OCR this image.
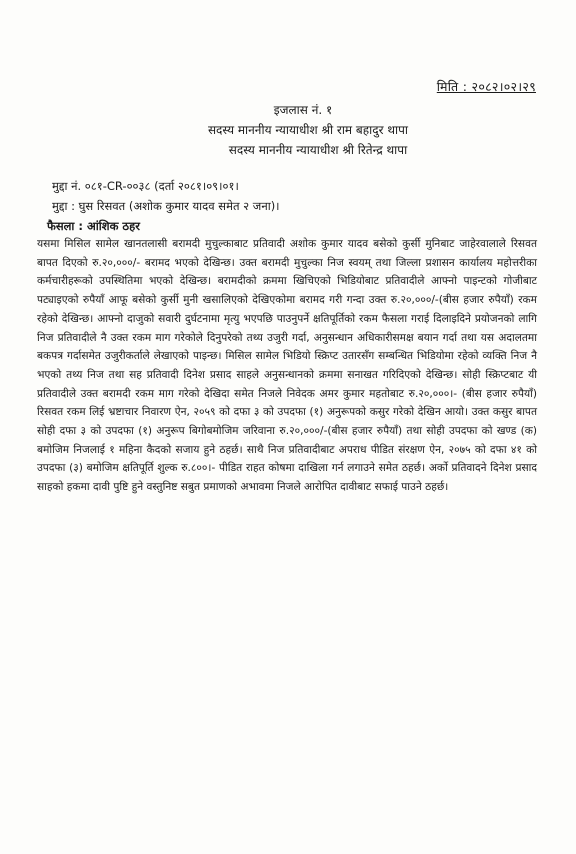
मिति : २०८२।०२।२९
इजलास नं. १
सदस्य माननीय न्यायाधीश श्री राम बहादुर थापा
सदस्य माननीय न्यायाधीश श्री रितेन्द्र थापा
मुद्दा नं. ०८१-CR-००३८ (दर्ता २०८१।०९।०१।
मुद्दा : घुस रिसवत (अशोक कुमार यादव समेत २ जना)।
फैसला : आंशिक ठहर

यसमा मिसिल सामेल खानतलासी बरामदी मुचुल्काबाट प्रतिवादी अशोक कुमार यादव बसेको कुर्सी मुनिबाट जाहेरवालाले रिसवत बापत दिएको रु.२०,०००/- बरामद भएको देखिन्छ। उक्त बरामदी मुचुल्का निज स्वयम् तथा जिल्ला प्रशासन कार्यालय महोत्तरीका कर्मचारीहरूको उपस्थितिमा भएको देखिन्छ। बरामदीको क्रममा खिचिएको भिडियोबाट प्रतिवादीले आफ्नो पाइन्टको गोजीबाट पट्याइएको रुपैयाँ आफू बसेको कुर्सी मुनी खसालिएको देखिएकोमा बरामद गरी गन्दा उक्त रु.२०,०००/-(बीस हजार रुपैयाँ) रकम रहेको देखिन्छ। आफ्नो दाजुको सवारी दुर्घटनामा मृत्यु भएपछि पाउनुपर्ने क्षतिपूर्तिको रकम फैसला गराई दिलाइदिने प्रयोजनको लागि निज प्रतिवादीले नै उक्त रकम माग गरेकोले दिनुपरेको तथ्य उजुरी गर्दा, अनुसन्धान अधिकारीसमक्ष बयान गर्दा तथा यस अदालतमा बकपत्र गर्दासमेत उजुरीकर्ताले लेखाएको पाइन्छ। मिसिल सामेल भिडियो स्क्रिप्ट उतारसँग सम्बन्धित भिडियोमा रहेको व्यक्ति निज नै भएको तथ्य निज तथा सह प्रतिवादी दिनेश प्रसाद साहले अनुसन्धानको क्रममा सनाखत गरिदिएको देखिन्छ। सोही स्क्रिप्टबाट यी प्रतिवादीले उक्त बरामदी रकम माग गरेको देखिदा समेत निजले निवेदक अमर कुमार महतोबाट रु.२०,०००।- (बीस हजार रुपैयाँ) रिसवत रकम लिई भ्रष्टाचार निवारण ऐन, २०५९ को दफा ३ को उपदफा (१) अनुरूपको कसुर गरेको देखिन आयो। उक्त कसुर बापत सोही दफा ३ को उपदफा (१) अनुरूप बिगोबमोजिम जरिवाना रु.२०,०००/-(बीस हजार रुपैयाँ) तथा सोही उपदफा को खण्ड (क) बमोजिम निजलाई १ महिना कैदको सजाय हुने ठहर्छ। साथै निज प्रतिवादीबाट अपराध पीडित संरक्षण ऐन, २०७५ को दफा ४१ को उपदफा (३) बमोजिम क्षतिपूर्ति शुल्क रु.८००।- पीडित राहत कोषमा दाखिला गर्न लगाउने समेत ठहर्छ। अर्को प्रतिवादने दिनेश प्रसाद साहको हकमा दावी पुष्टि हुने वस्तुनिष्ट सबुत प्रमाणको अभावमा निजले आरोपित दावीबाट सफाई पाउने ठहर्छ।
